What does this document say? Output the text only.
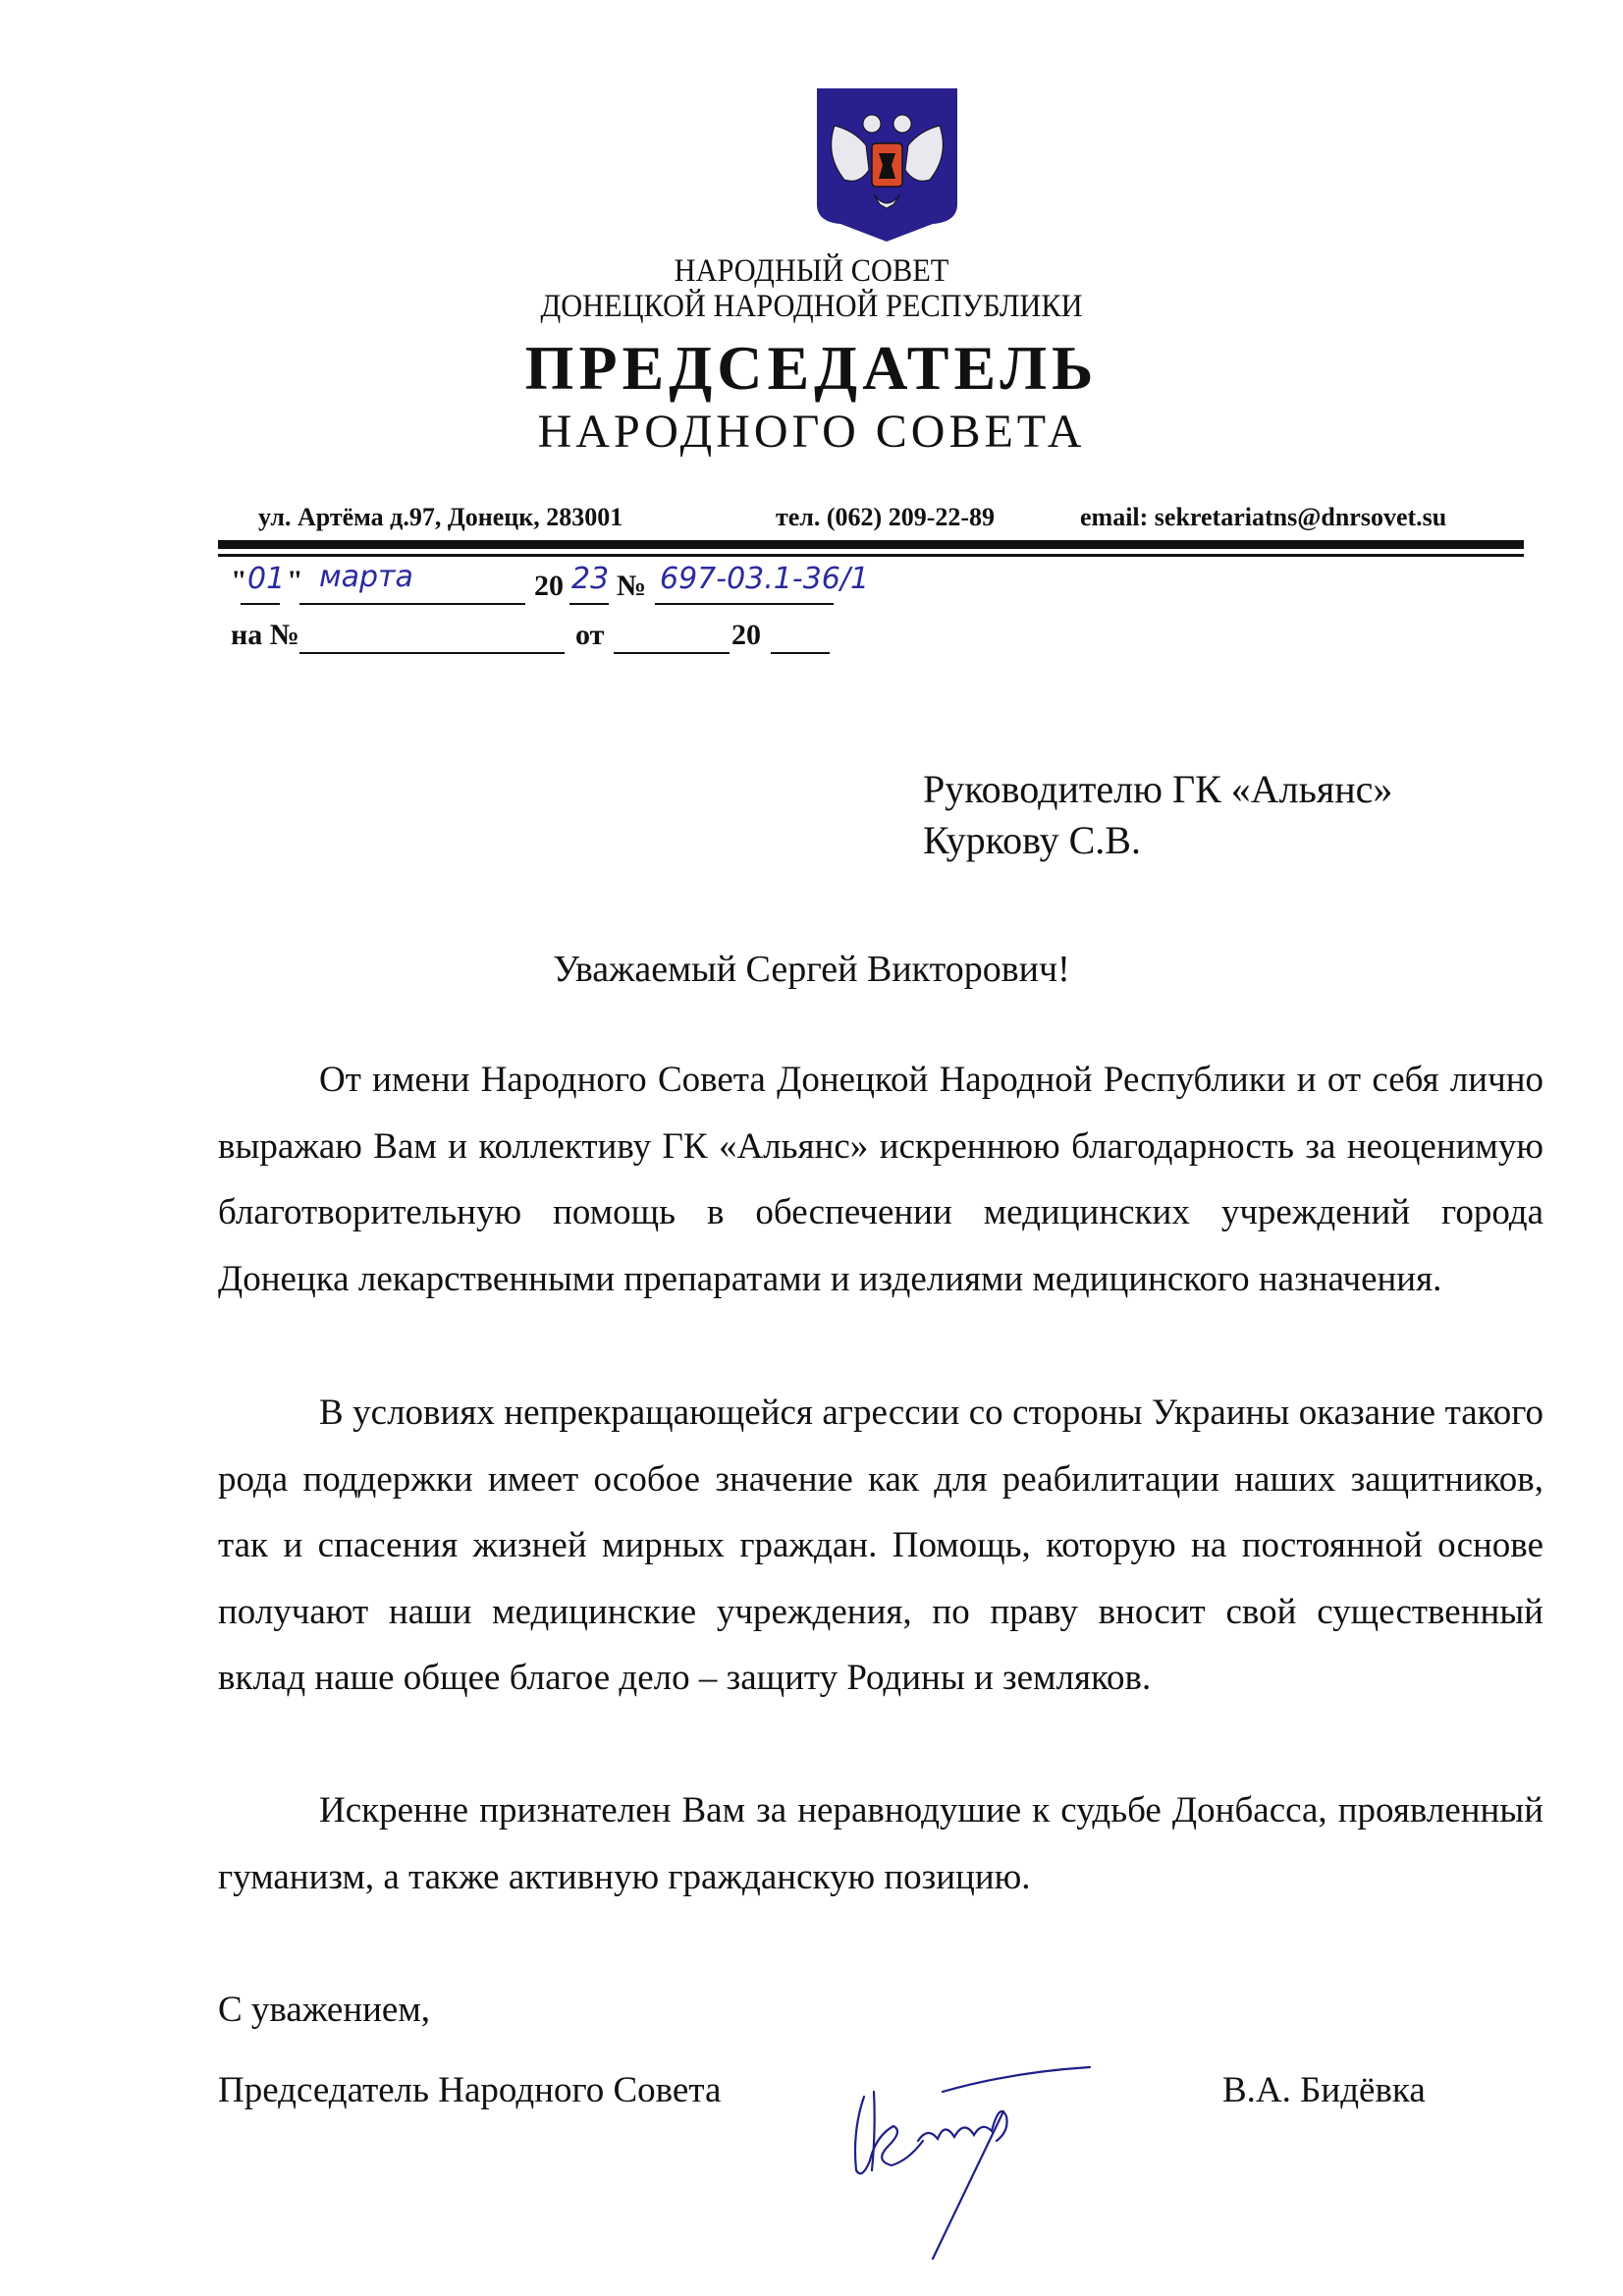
НАРОДНЫЙ СОВЕТ
ДОНЕЦКОЙ НАРОДНОЙ РЕСПУБЛИКИ
ПРЕДСЕДАТЕЛЬ
НАРОДНОГО СОВЕТА
ул. Артёма д.97, Донецк, 283001	тел. (062) 209-22-89	email: sekretariatns@dnrsovet.su
" 01 " марта	20 23 № 697-03.1-36/1
на №	от	20
Руководителю ГК «Альянс»
Куркову С.В.
Уважаемый Сергей Викторович!

От имени Народного Совета Донецкой Народной Республики и от себя лично выражаю Вам и коллективу ГК «Альянс» искреннюю благодарность за неоценимую благотворительную помощь в обеспечении медицинских учреждений города Донецка лекарственными препаратами и изделиями медицинского назначения.

В условиях непрекращающейся агрессии со стороны Украины оказание такого рода поддержки имеет особое значение как для реабилитации наших защитников, так и спасения жизней мирных граждан. Помощь, которую на постоянной основе получают наши медицинские учреждения, по праву вносит свой существенный вклад наше общее благое дело – защиту Родины и земляков.

Искренне признателен Вам за неравнодушие к судьбе Донбасса, проявленный гуманизм, а также активную гражданскую позицию.

С уважением,
Председатель Народного Совета	В.А. Бидёвка
